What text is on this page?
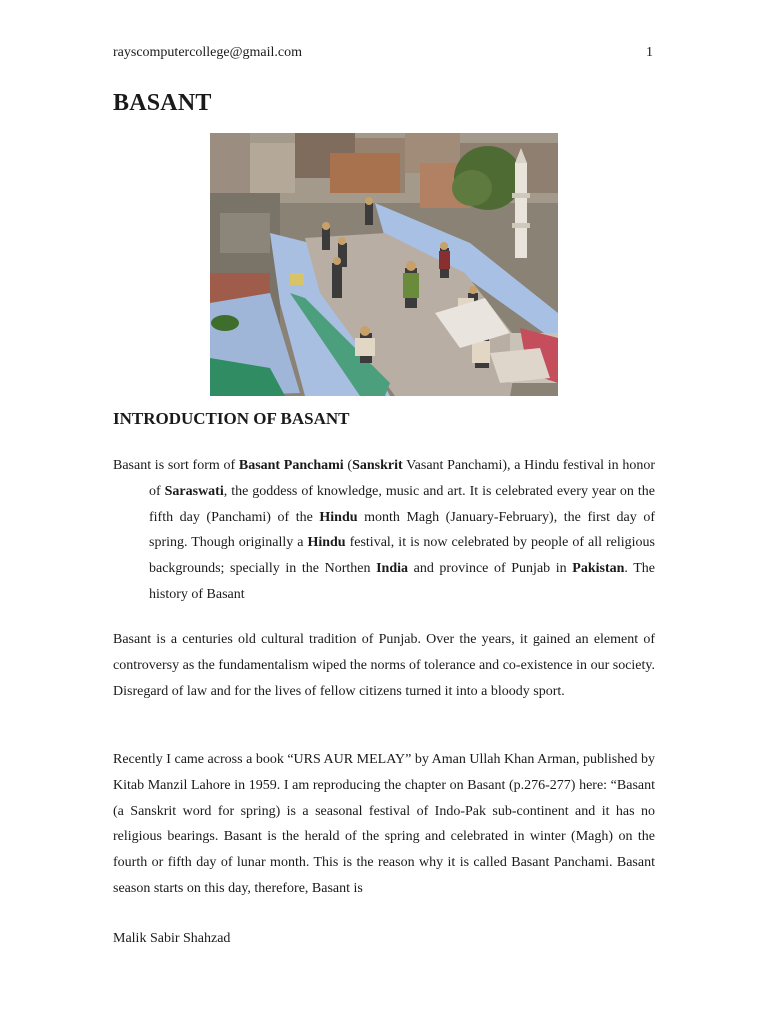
rayscomputercollege@gmail.com	1
BASANT
INTRODUCTION OF BASANT
Basant is sort form of Basant Panchami (Sanskrit Vasant Panchami), a Hindu festival in honor of Saraswati, the goddess of knowledge, music and art. It is celebrated every year on the fifth day (Panchami) of the Hindu month Magh (January-February), the first day of spring. Though originally a Hindu festival, it is now celebrated by people of all religious backgrounds; specially in the Northen India and province of Punjab in Pakistan. The history of Basant
Basant is a centuries old cultural tradition of Punjab. Over the years, it gained an element of controversy as the fundamentalism wiped the norms of tolerance and co-existence in our society. Disregard of law and for the lives of fellow citizens turned it into a bloody sport.
Recently I came across a book “URS AUR MELAY” by Aman Ullah Khan Arman, published by Kitab Manzil Lahore in 1959. I am reproducing the chapter on Basant (p.276-277) here: “Basant (a Sanskrit word for spring) is a seasonal festival of Indo-Pak sub-continent and it has no religious bearings. Basant is the herald of the spring and celebrated in winter (Magh) on the fourth or fifth day of lunar month. This is the reason why it is called Basant Panchami. Basant season starts on this day, therefore, Basant is
Malik Sabir Shahzad
